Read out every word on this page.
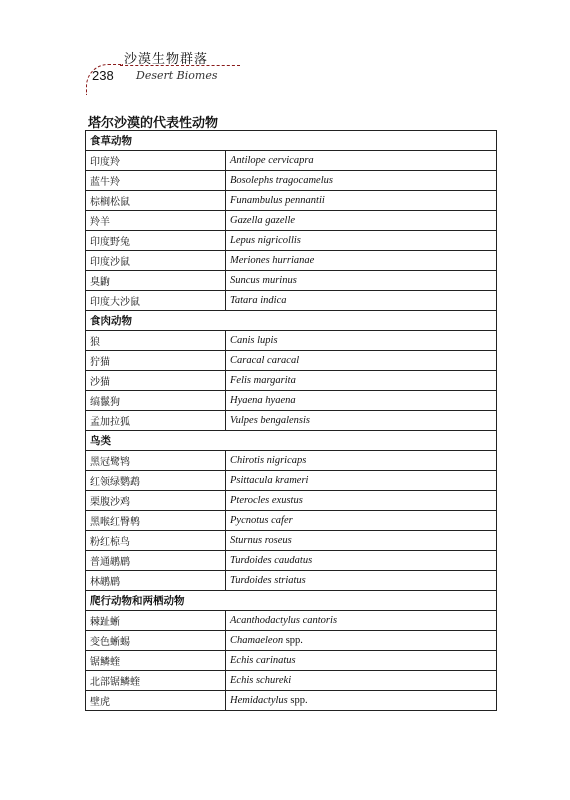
238
沙漠生物群落
Desert Biomes
塔尔沙漠的代表性动物
食草动物	
印度羚	Antilope cervicapra
蓝牛羚	Bosolephs tragocamelus
棕榈松鼠	Funambulus pennantii
羚羊	Gazella gazelle
印度野兔	Lepus nigricollis
印度沙鼠	Meriones hurrianae
臭鼩	Suncus murinus
印度大沙鼠	Tatara indica
食肉动物	
狼	Canis lupis
狞猫	Caracal caracal
沙猫	Felis margarita
缟鬣狗	Hyaena hyaena
孟加拉狐	Vulpes bengalensis
鸟类	
黑冠鹭鸨	Chirotis nigricaps
红领绿鹦鹉	Psittacula krameri
栗腹沙鸡	Pterocles exustus
黑喉红臀鹎	Pycnotus cafer
粉红椋鸟	Sturnus roseus
普通鹕鹛	Turdoides caudatus
林鹕鹛	Turdoides striatus
爬行动物和两栖动物	
棘趾蜥	Acanthodactylus cantoris
变色蜥蜴	Chamaeleon spp.
锯鳞蝰	Echis carinatus
北部锯鳞蝰	Echis schureki
壁虎	Hemidactylus spp.
